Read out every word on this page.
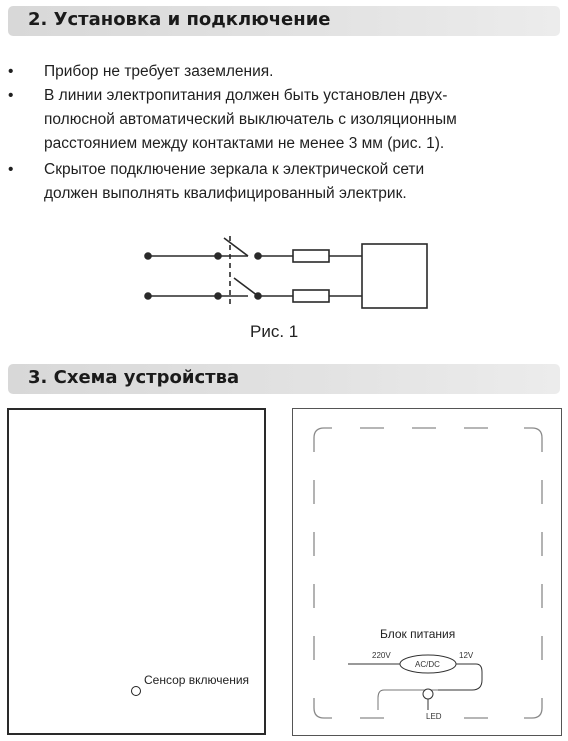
2. Установка и подключение
• Прибор не требует заземления.
• В линии электропитания должен быть установлен двух-
полюсной автоматический выключатель с изоляционным
расстоянием между контактами не менее 3 мм (рис. 1).
• Скрытое подключение зеркала к электрической сети
должен выполнять квалифицированный электрик.
Рис. 1
3. Схема устройства
Сенсор включения
Блок питания
220V
AC/DC
12V
LED
